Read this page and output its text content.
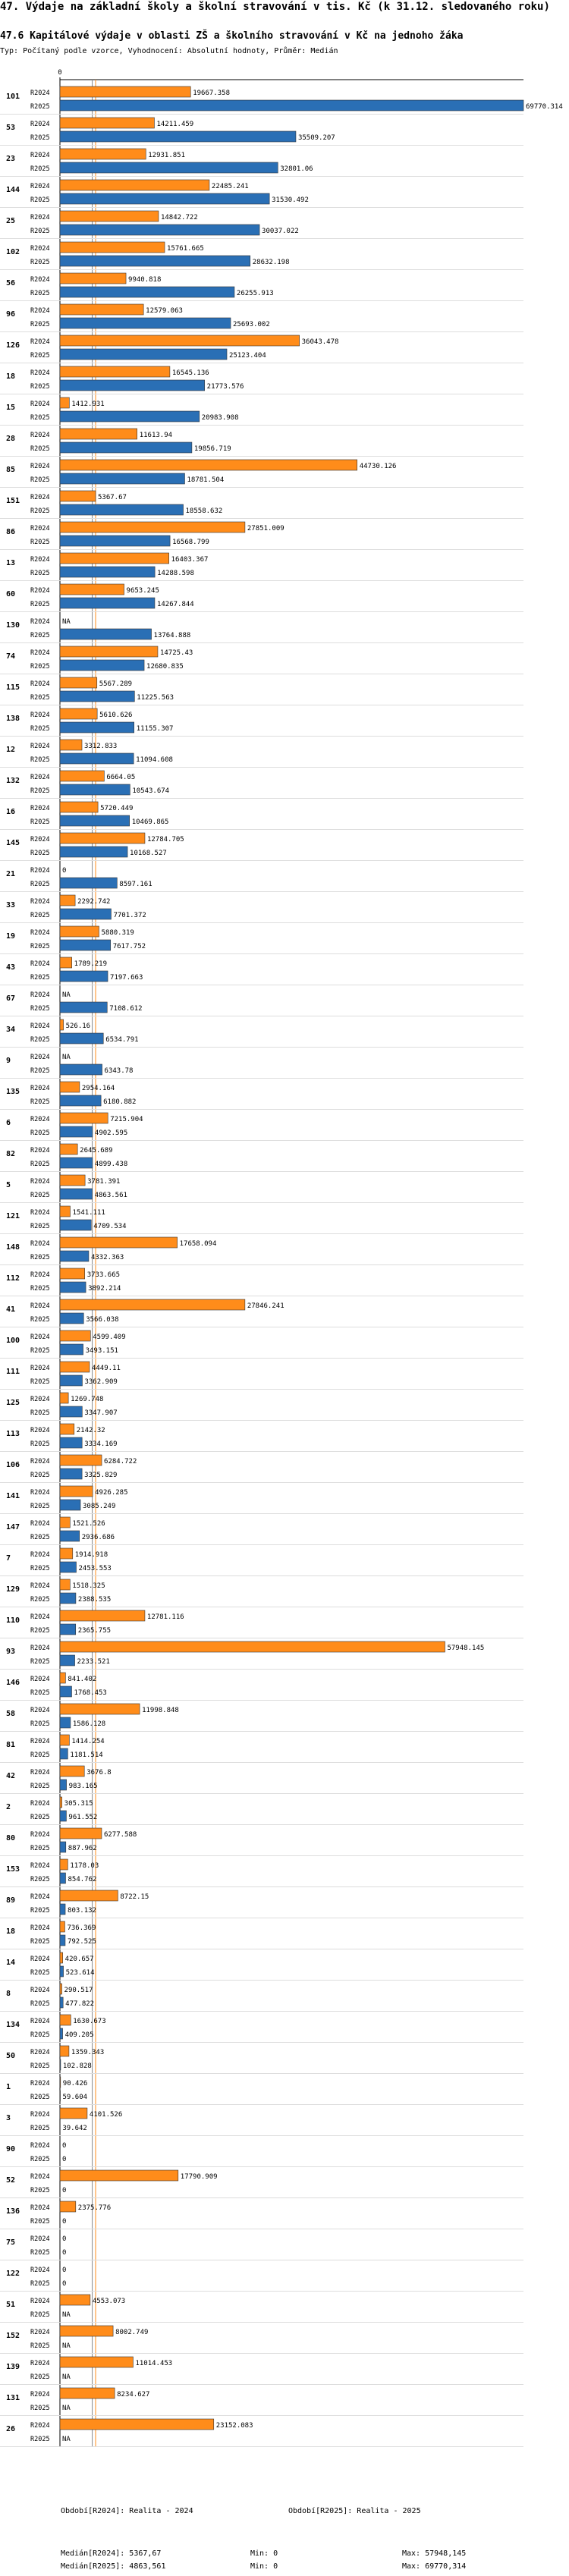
47. Výdaje na základní školy a školní stravování v tis. Kč (k 31.12. sledovaného roku)
47.6 Kapitálové výdaje v oblasti ZŠ a školního stravování v Kč na jednoho žáka
Typ: Počítaný podle vzorce, Vyhodnocení: Absolutní hodnoty, Průměr: Medián
0
101 R2024	19667.358
R2025	69770.314
53 R2024	14211.459
R2025	35509.207
23 R2024	12931.851
R2025	32801.06
144 R2024	22485.241
R2025	31530.492
25 R2024	14842.722
R2025	30037.022
102 R2024	15761.665
R2025	28632.198
56 R2024	9940.818
R2025	26255.913
96 R2024	12579.063
R2025	25693.002
126 R2024	36043.478
R2025	25123.404
18 R2024	16545.136
R2025	21773.576
15 R2024	1412.931
R2025	20983.908
28 R2024	11613.94
R2025	19856.719
85 R2024	44730.126
R2025	18781.504
151 R2024	5367.67
R2025	18558.632
86 R2024	27851.009
R2025	16568.799
13 R2024	16403.367
R2025	14288.598
60 R2024	9653.245
R2025	14267.844
130 R2024 NA
R2025	13764.888
74 R2024	14725.43
R2025	12680.835
115 R2024	5567.289
R2025	11225.563
138 R2024	5610.626
R2025	11155.307
12 R2024	3312.833
R2025	11094.608
132 R2024	6664.05
R2025	10543.674
16 R2024	5720.449
R2025	10469.865
145 R2024	12784.705
R2025	10168.527
21 R2024 0
R2025	8597.161
33 R2024	2292.742
R2025	7701.372
19 R2024	5880.319
R2025	7617.752
43 R2024	1789.219
R2025	7197.663
67 R2024 NA
R2025	7108.612
34 R2024 526.16
R2025	6534.791
9	R2024 NA
R2025	6343.78
135 R2024	2954.164
R2025	6180.882
6	R2024	7215.904
R2025	4902.595
82 R2024	2645.689
R2025	4899.438
5	R2024	3781.391
R2025	4863.561
121 R2024	1541.111
R2025	4709.534
148 R2024	17658.094
R2025	4332.363
112 R2024	3733.665
R2025	3892.214
41 R2024	27846.241
R2025	3566.038
100 R2024	4599.409
R2025	3493.151
111 R2024	4449.11
R2025	3362.909
125 R2024	1269.748
R2025	3347.907
113 R2024	2142.32
R2025	3334.169
106 R2024	6284.722
R2025	3325.829
141 R2024	4926.285
R2025	3085.249
147 R2024	1521.526
R2025	2936.686
7	R2024	1914.918
R2025	2453.553
129 R2024	1518.325
R2025	2388.535
110 R2024	12781.116
R2025	2365.755
93 R2024	57948.145
R2025	2233.521
146 R2024	841.402
R2025	1768.453
58 R2024	11998.848
R2025	1586.128
81 R2024	1414.254
R2025	1181.514
42 R2024	3676.8
R2025	983.165
2	R2024 305.315
R2025	961.552
80 R2024	6277.588
R2025	887.962
153 R2024	1178.03
R2025	854.762
89 R2024	8722.15
R2025	803.132
18 R2024	736.369
R2025	792.525
14 R2024 420.657
R2025 523.614
8	R2024 290.517
R2025 477.822
134 R2024	1630.673
R2025 409.205
50 R2024	1359.343
R2025 102.828
1	R2024 90.426
R2025 59.604
3	R2024	4101.526
R2025 39.642
90 R2024 0
R2025 0
52 R2024	17790.909
R2025 0
136 R2024	2375.776
R2025 0
75 R2024 0
R2025 0
122 R2024 0
R2025 0
51 R2024	4553.073
R2025 NA
152 R2024	8002.749
R2025 NA
139 R2024	11014.453
R2025 NA
131 R2024	8234.627
R2025 NA
26 R2024	23152.083
R2025 NA
Období[R2024]: Realita - 2024	Období[R2025]: Realita - 2025
Medián[R2024]: 5367,67	Min: 0	Max: 57948,145
Medián[R2025]: 4863,561	Min: 0	Max: 69770,314
